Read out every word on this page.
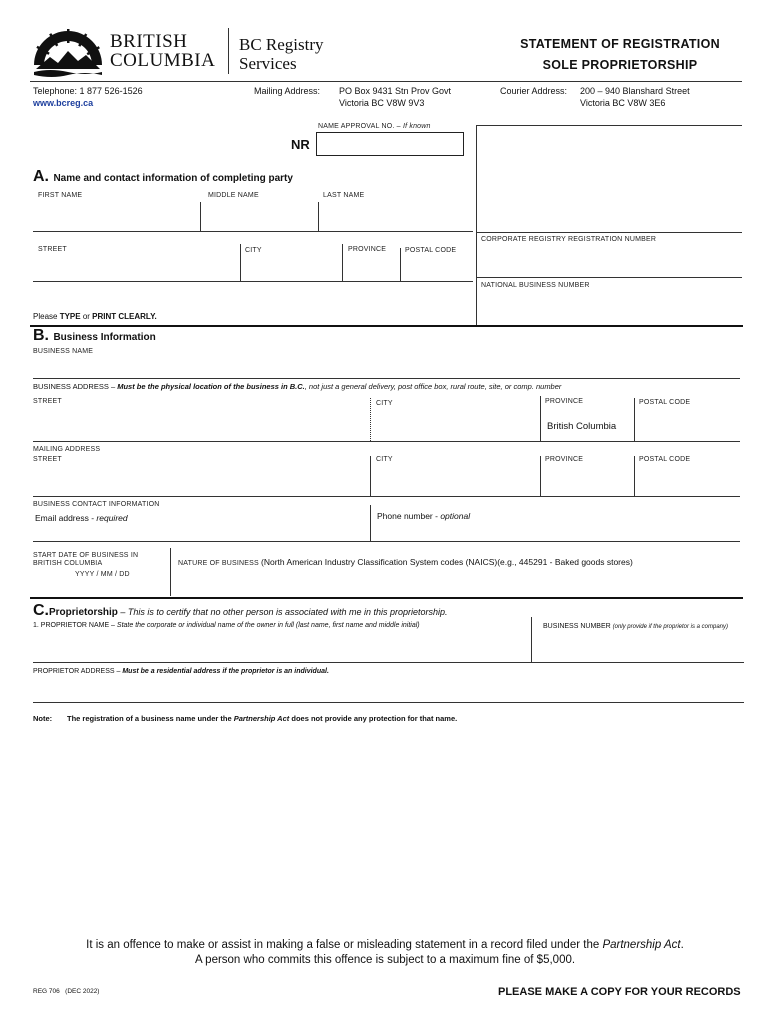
BRITISH
COLUMBIA
BC Registry
Services
STATEMENT OF REGISTRATION
SOLE PROPRIETORSHIP
Telephone: 1 877 526-1526
www.bcreg.ca
Mailing Address: PO Box 9431 Stn Prov Govt
Victoria BC V8W 9V3
Courier Address: 200 – 940 Blanshard Street
Victoria BC V8W 3E6
NAME APPROVAL NO. – If known
NR
CORPORATE REGISTRY REGISTRATION NUMBER
NATIONAL BUSINESS NUMBER
A. Name and contact information of completing party
FIRST NAME	MIDDLE NAME	LAST NAME
STREET	CITY	PROVINCE	POSTAL CODE
Please TYPE or PRINT CLEARLY.
B. Business Information
BUSINESS NAME
BUSINESS ADDRESS – Must be the physical location of the business in B.C., not just a general delivery, post office box, rural route, site, or comp. number
STREET	CITY	PROVINCE	POSTAL CODE
British Columbia
MAILING ADDRESS
STREET	CITY	PROVINCE	POSTAL CODE
BUSINESS CONTACT INFORMATION
Email address - required	Phone number - optional
START DATE OF BUSINESS IN
BRITISH COLUMBIA
YYYY / MM / DD
NATURE OF BUSINESS (North American Industry Classification System codes (NAICS)(e.g., 445291 - Baked goods stores)
C.Proprietorship – This is to certify that no other person is associated with me in this proprietorship.
1. PROPRIETOR NAME – State the corporate or individual name of the owner in full (last name, first name and middle initial)	BUSINESS NUMBER (only provide if the proprietor is a company)
PROPRIETOR ADDRESS – Must be a residential address if the proprietor is an individual.
Note: The registration of a business name under the Partnership Act does not provide any protection for that name.
It is an offence to make or assist in making a false or misleading statement in a record filed under the Partnership Act.
A person who commits this offence is subject to a maximum fine of $5,000.
REG 706   (DEC 2022)	PLEASE MAKE A COPY FOR YOUR RECORDS
